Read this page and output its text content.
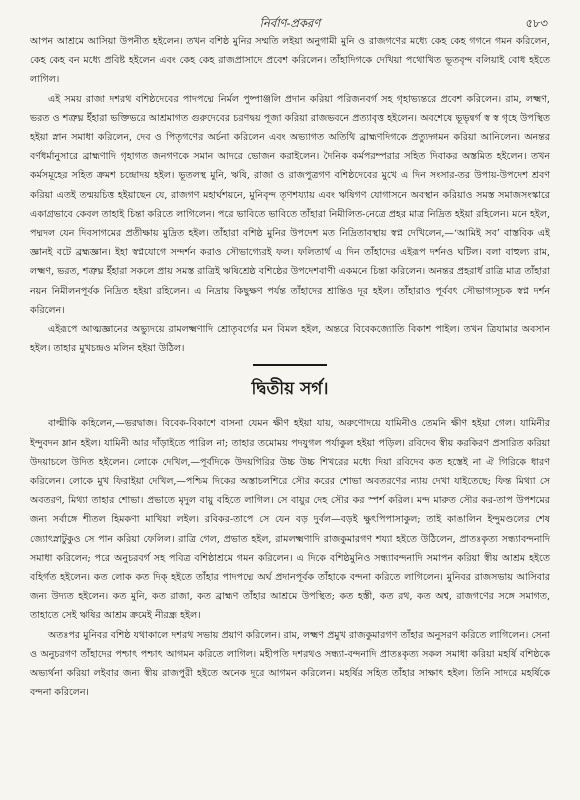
নির্বাণ-প্রকরণ	৫৮৩

আপন আশ্রমে আসিয়া উপনীত হইলেন। তখন বশিষ্ঠ মুনির সম্মতি লইয়া অনুগামী মুনি ও রাজগণের মধ্যে কেহ কেহ গগনে গমন করিলেন, কেহ কেহ বন মধ্যে প্রবিষ্ট হইলেন এবং কেহ কেহ রাজপ্রাসাদে প্রবেশ করিলেন। তাঁহাদিগকে দেখিয়া পথোখিত ভূতবৃন্দ বলিয়াই বোধ হইতে লাগিল।

এই সময় রাজা দশরথ বশিষ্ঠদেবের পাদপদ্মে নির্মল পুষ্পাঞ্জলি প্রদান করিয়া পরিজনবর্গ সহ গৃহাভ্যন্তরে প্রবেশ করিলেন। রাম, লক্ষ্মণ, ভরত ও শত্রুঘ্ন ইঁহারা ভক্তিভরে আশ্রমাগত গুরুদেবের চরণদ্বয় পূজা করিয়া রাজভবনে প্রত্যাবৃত্ত হইলেন। অবশেষে ভূভৃন্বর্গ স্ব স্ব গৃহে উপস্থিত হইয়া স্নান সমাধা করিলেন, দেব ও পিতৃগণের অর্চনা করিলেন এবং অভ্যাগত অতিথি ব্রাহ্মণদিগকে প্রত্যুদ্গমন করিয়া আনিলেন। অনন্তর বর্ণধর্মানুসারে ব্রাহ্মণাদি গৃহাগত জনগণকে সমান আদরে ভোজন করাইলেন। দৈনিক কর্মপরম্পরার সহিত দিবাকর অস্তমিত হইলেন। তখন কর্মসমূহের সহিত ক্রমশ চন্দ্রোদয় হইল। ভূতলস্থ মুনি, ঋষি, রাজা ও রাজপুত্রগণ বশিষ্ঠদেবের মুখে এ দিন সংসার-তর উপায়-উপদেশ শ্রবণ করিয়া এতই তন্ময়চিত্ত হইয়াছেন যে, রাজগণ মহার্ঘশয়নে, মুনিবৃন্দ তৃণশয্যায় এবং ঋষিগণ যোগাসনে অবস্থান করিয়াও সমস্ত সমাজসংস্কারে একাগ্রভাবে কেবল তাহাই চিন্তা করিতে লাগিলেন। পরে ভাবিতে ভাবিতে তাঁহারা নিমীলিত-নেত্রে প্রহর মাত্র নিদ্রিত হইয়া রহিলেন। মনে হইল, পদ্মদল যেন দিবসাগমের প্রতীক্ষায় মুদ্রিত হইল। তাঁহারা বশিষ্ঠ মুনির উপদেশ মত নিদ্রিতাবস্থায় স্বপ্ন দেখিলেন,—‘আমিই সব’ বাস্তবিক এই জ্ঞানই বটে ব্রহ্মজ্ঞান। ইহা স্বপ্নযোগে সন্দর্শন করাও সৌভাগ্যেরই ফল। ফলিতার্থ এ দিন তাঁহাদের এইরূপ দর্শনও ঘটিল। বলা বাহুল্য রাম, লক্ষ্মণ, ভরত, শত্রুঘ্ন ইঁহারা সকলে প্রায় সমস্ত রাত্রিই ঋষিশ্রেষ্ঠ বশিষ্ঠের উপদেশবাণী একমনে চিন্তা করিলেন। অনন্তর প্রহরার্ধ রাত্রি মাত্র তাঁহারা নয়ন নিমীলনপূর্বক নিদ্রিত হইয়া রহিলেন। এ নিদ্রায় কিছুক্ষণ পর্যন্ত তাঁহাদের শ্রান্তিও দূর হইল। তাঁহারাও পূর্ববৎ সৌভাগ্যসূচক স্বপ্ন দর্শন করিলেন।

এইরূপে আত্মজ্ঞানের অভ্যুদয়ে রামলক্ষ্মণাদি শ্রোতৃবর্গের মন বিমল হইল, অন্তরে বিবেকজ্যোতি বিকাশ পাইল। তখন ত্রিযামার অবসান হইল। তাহার মুখচন্দ্রও মলিন হইয়া উঠিল।

দ্বিতীয় সর্গ।

বাল্মীকি কহিলেন,—ভরদ্বাজ। বিবেক-বিকাশে বাসনা যেমন ক্ষীণ হইয়া যায়, অরুণোদয়ে যামিনীও তেমনি ক্ষীণ হইয়া গেল। যামিনীর ইন্দুবদন ম্লান হইল। যামিনী আর দাঁড়াইতে পারিল না; তাহার তমোময় পদযুগল পর্যাকুল হইয়া পড়িল। রবিদেব স্বীয় করকিরণ প্রসারিত করিয়া উদয়াচলে উদিত হইলেন। লোকে দেখিল,—পূর্বদিকে উদয়গিরির উচ্চ উচ্চ শিখরের মধ্যে দিয়া রবিদেব কত হস্তেই না ঐ গিরিকে ধারণ করিলেন। লোকে মুখ ফিরাইয়া দেখিল,—পশ্চিম দিকের অস্তাচলশিরে সৌর করের শোভা অবতরণের ন্যায় দেখা যাইতেছে; ফিন্ত মিথ্যা সে অবতরণ, মিথ্যা তাহার শোভা। প্রভাতে মৃদুল বায়ু বহিতে লাগিল। সে বায়ুর দেহ সৌর কর স্পর্শ করিল। মন্দ মারুত সৌর কর-তাপ উপশমের জন্য সর্বাঙ্গে শীতল হিমকণা মাখিয়া লইল। রবিকর-তাপে সে যেন বড় দুর্বল—বড়ই ক্ষুৎপিপাসাকুল; তাই কাঙালিন ইন্দুমণ্ডলের শেষ জ্যোৎস্নাটুকুও সে পান করিয়া ফেলিল। রাত্রি গেল, প্রভাত হইল, রামলক্ষ্মণাদি রাজকুমারগণ শয্যা হইতে উঠিলেন, প্রাতঃকৃত্য সন্ধ্যাবন্দনাদি সমাধা করিলেন; পরে অনুচরবর্গ সহ পবিত্র বশিষ্ঠাশ্রমে গমন করিলেন। এ দিকে বশিষ্ঠমুনিও সন্ধ্যাবন্দনাদি সমাপন করিয়া স্বীয় আশ্রম হইতে বহির্গত হইলেন। কত লোক কত দিক্ হইতে তাঁহার পাদপদ্মে অর্ঘ প্রদানপূর্বক তাঁহাকে বন্দনা করিতে লাগিলেন। মুনিবর রাজসভায় আসিবার জন্য উদ্যত হইলেন। কত মুনি, কত রাজা, কত ব্রাহ্মণ তাঁহার আশ্রমে উপস্থিত; কত হস্তী, কত রথ, কত অশ্ব, রাজগণের সঙ্গে সমাগত, তাহাতে সেই ঋষির আশ্রম ক্রমেই নীরন্ধ্র হইল।

অতঃপর মুনিবর বশিষ্ঠ যথাকালে দশরথ সভায় প্রয়াণ করিলেন। রাম, লক্ষ্মণ প্রমুখ রাজকুমারগণ তাঁহার অনুসরণ করিতে লাগিলেন। সেনা ও অনুচরগণ তাঁহাদের পশ্চাৎ পশ্চাৎ আগমন করিতে লাগিল। মহীপতি দশরথও সন্ধ্যা-বন্দনাদি প্রাতঃকৃত্য সকল সমাধা করিয়া মহর্ষি বশিষ্ঠকে অভ্যর্থনা করিয়া লইবার জন্য স্বীয় রাজপুরী হইতে অনেক দূরে আগমন করিলেন। মহর্ষির সহিত তাঁহার সাক্ষাৎ হইল। তিনি সাদরে মহর্ষিকে বন্দনা করিলেন।
